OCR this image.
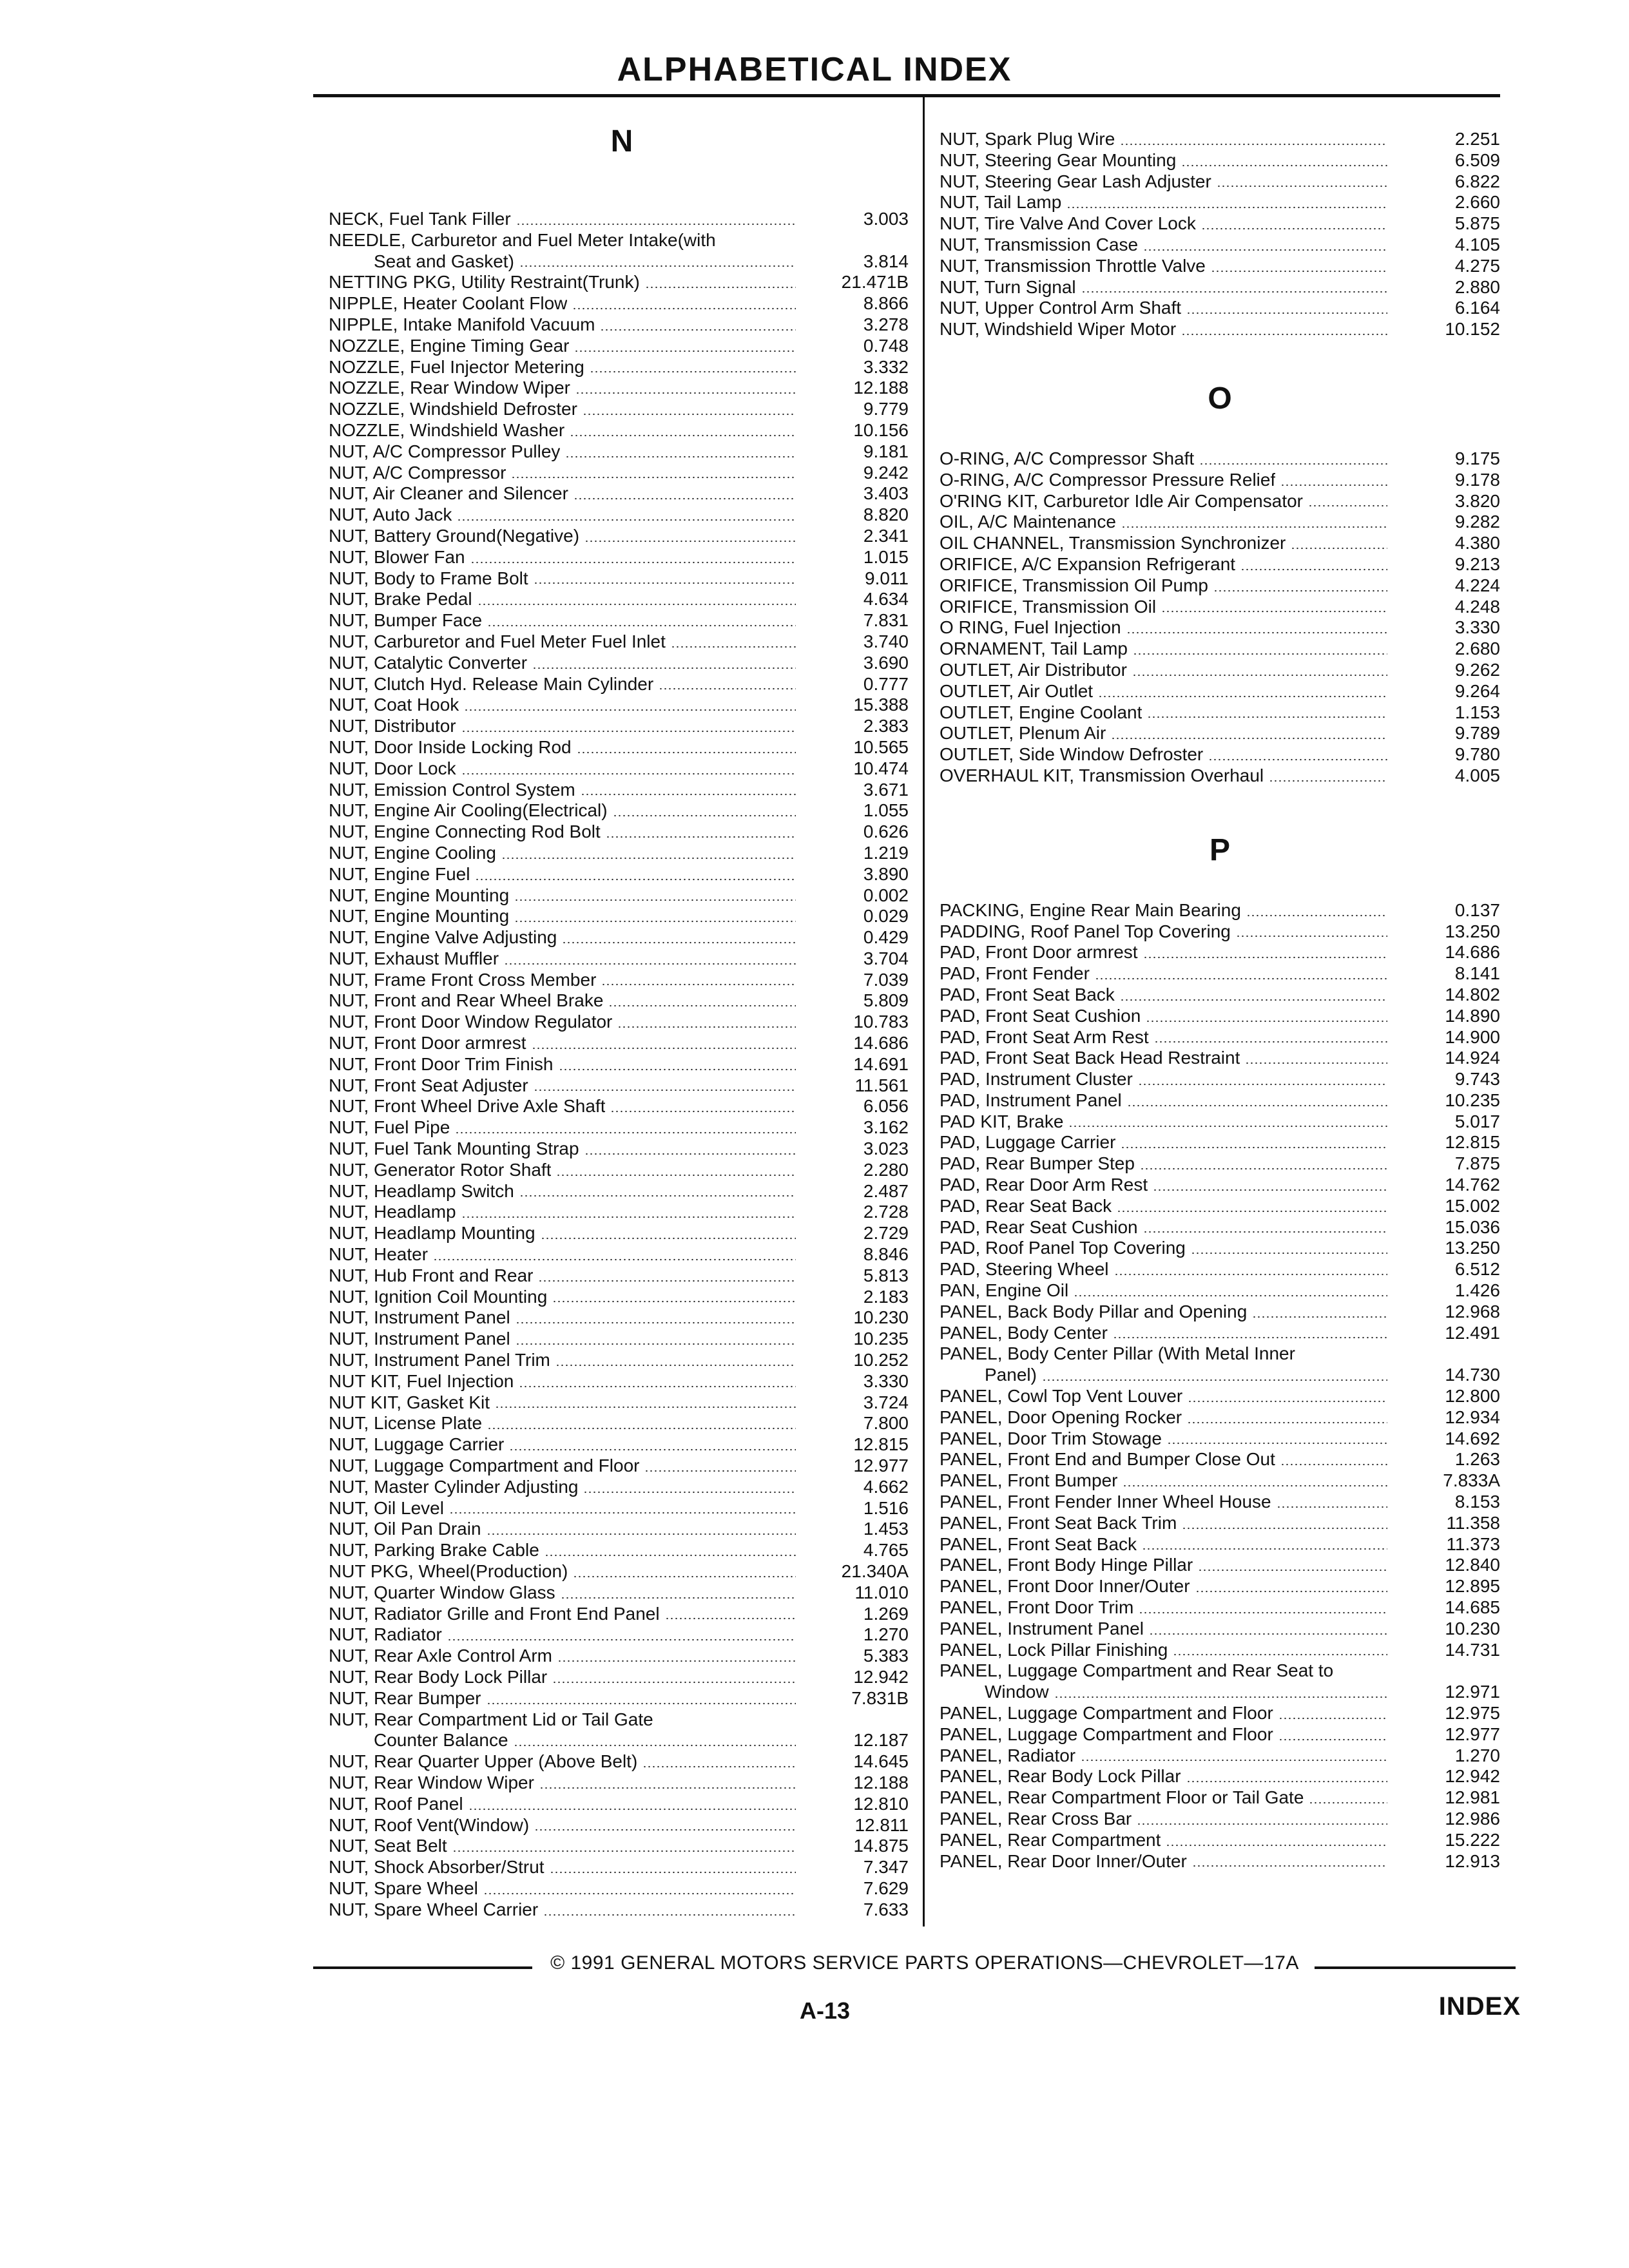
ALPHABETICAL INDEX
N
NECK, Fuel Tank Filler	3.003
NEEDLE, Carburetor and Fuel Meter Intake(with
Seat and Gasket)	3.814
NETTING PKG, Utility Restraint(Trunk)	21.471B
NIPPLE, Heater Coolant Flow	8.866
NIPPLE, Intake Manifold Vacuum	3.278
NOZZLE, Engine Timing Gear	0.748
NOZZLE, Fuel Injector Metering	3.332
NOZZLE, Rear Window Wiper	12.188
NOZZLE, Windshield Defroster	9.779
NOZZLE, Windshield Washer	10.156
NUT, A/C Compressor Pulley	9.181
NUT, A/C Compressor	9.242
NUT, Air Cleaner and Silencer	3.403
NUT, Auto Jack	8.820
NUT, Battery Ground(Negative)	2.341
NUT, Blower Fan	1.015
NUT, Body to Frame Bolt	9.011
NUT, Brake Pedal	4.634
NUT, Bumper Face	7.831
NUT, Carburetor and Fuel Meter Fuel Inlet	3.740
NUT, Catalytic Converter	3.690
NUT, Clutch Hyd. Release Main Cylinder	0.777
NUT, Coat Hook	15.388
NUT, Distributor	2.383
NUT, Door Inside Locking Rod	10.565
NUT, Door Lock	10.474
NUT, Emission Control System	3.671
NUT, Engine Air Cooling(Electrical)	1.055
NUT, Engine Connecting Rod Bolt	0.626
NUT, Engine Cooling	1.219
NUT, Engine Fuel	3.890
NUT, Engine Mounting	0.002
NUT, Engine Mounting	0.029
NUT, Engine Valve Adjusting	0.429
NUT, Exhaust Muffler	3.704
NUT, Frame Front Cross Member	7.039
NUT, Front and Rear Wheel Brake	5.809
NUT, Front Door Window Regulator	10.783
NUT, Front Door armrest	14.686
NUT, Front Door Trim Finish	14.691
NUT, Front Seat Adjuster	11.561
NUT, Front Wheel Drive Axle Shaft	6.056
NUT, Fuel Pipe	3.162
NUT, Fuel Tank Mounting Strap	3.023
NUT, Generator Rotor Shaft	2.280
NUT, Headlamp Switch	2.487
NUT, Headlamp	2.728
NUT, Headlamp Mounting	2.729
NUT, Heater	8.846
NUT, Hub Front and Rear	5.813
NUT, Ignition Coil Mounting	2.183
NUT, Instrument Panel	10.230
NUT, Instrument Panel	10.235
NUT, Instrument Panel Trim	10.252
NUT KIT, Fuel Injection	3.330
NUT KIT, Gasket Kit	3.724
NUT, License Plate	7.800
NUT, Luggage Carrier	12.815
NUT, Luggage Compartment and Floor	12.977
NUT, Master Cylinder Adjusting	4.662
NUT, Oil Level	1.516
NUT, Oil Pan Drain	1.453
NUT, Parking Brake Cable	4.765
NUT PKG, Wheel(Production)	21.340A
NUT, Quarter Window Glass	11.010
NUT, Radiator Grille and Front End Panel	1.269
NUT, Radiator	1.270
NUT, Rear Axle Control Arm	5.383
NUT, Rear Body Lock Pillar	12.942
NUT, Rear Bumper	7.831B
NUT, Rear Compartment Lid or Tail Gate
Counter Balance	12.187
NUT, Rear Quarter Upper (Above Belt)	14.645
NUT, Rear Window Wiper	12.188
NUT, Roof Panel	12.810
NUT, Roof Vent(Window)	12.811
NUT, Seat Belt	14.875
NUT, Shock Absorber/Strut	7.347
NUT, Spare Wheel	7.629
NUT, Spare Wheel Carrier	7.633
NUT, Spark Plug Wire	2.251
NUT, Steering Gear Mounting	6.509
NUT, Steering Gear Lash Adjuster	6.822
NUT, Tail Lamp	2.660
NUT, Tire Valve And Cover Lock	5.875
NUT, Transmission Case	4.105
NUT, Transmission Throttle Valve	4.275
NUT, Turn Signal	2.880
NUT, Upper Control Arm Shaft	6.164
NUT, Windshield Wiper Motor	10.152
O
O-RING, A/C Compressor Shaft	9.175
O-RING, A/C Compressor Pressure Relief	9.178
O'RING KIT, Carburetor Idle Air Compensator	3.820
OIL, A/C Maintenance	9.282
OIL CHANNEL, Transmission Synchronizer	4.380
ORIFICE, A/C Expansion Refrigerant	9.213
ORIFICE, Transmission Oil Pump	4.224
ORIFICE, Transmission Oil	4.248
O RING, Fuel Injection	3.330
ORNAMENT, Tail Lamp	2.680
OUTLET, Air Distributor	9.262
OUTLET, Air Outlet	9.264
OUTLET, Engine Coolant	1.153
OUTLET, Plenum Air	9.789
OUTLET, Side Window Defroster	9.780
OVERHAUL KIT, Transmission Overhaul	4.005
P
PACKING, Engine Rear Main Bearing	0.137
PADDING, Roof Panel Top Covering	13.250
PAD, Front Door armrest	14.686
PAD, Front Fender	8.141
PAD, Front Seat Back	14.802
PAD, Front Seat Cushion	14.890
PAD, Front Seat Arm Rest	14.900
PAD, Front Seat Back Head Restraint	14.924
PAD, Instrument Cluster	9.743
PAD, Instrument Panel	10.235
PAD KIT, Brake	5.017
PAD, Luggage Carrier	12.815
PAD, Rear Bumper Step	7.875
PAD, Rear Door Arm Rest	14.762
PAD, Rear Seat Back	15.002
PAD, Rear Seat Cushion	15.036
PAD, Roof Panel Top Covering	13.250
PAD, Steering Wheel	6.512
PAN, Engine Oil	1.426
PANEL, Back Body Pillar and Opening	12.968
PANEL, Body Center	12.491
PANEL, Body Center Pillar (With Metal Inner
Panel)	14.730
PANEL, Cowl Top Vent Louver	12.800
PANEL, Door Opening Rocker	12.934
PANEL, Door Trim Stowage	14.692
PANEL, Front End and Bumper Close Out	1.263
PANEL, Front Bumper	7.833A
PANEL, Front Fender Inner Wheel House	8.153
PANEL, Front Seat Back Trim	11.358
PANEL, Front Seat Back	11.373
PANEL, Front Body Hinge Pillar	12.840
PANEL, Front Door Inner/Outer	12.895
PANEL, Front Door Trim	14.685
PANEL, Instrument Panel	10.230
PANEL, Lock Pillar Finishing	14.731
PANEL, Luggage Compartment and Rear Seat to
Window	12.971
PANEL, Luggage Compartment and Floor	12.975
PANEL, Luggage Compartment and Floor	12.977
PANEL, Radiator	1.270
PANEL, Rear Body Lock Pillar	12.942
PANEL, Rear Compartment Floor or Tail Gate	12.981
PANEL, Rear Cross Bar	12.986
PANEL, Rear Compartment	15.222
PANEL, Rear Door Inner/Outer	12.913
© 1991 GENERAL MOTORS SERVICE PARTS OPERATIONS—CHEVROLET—17A
A-13	INDEX
